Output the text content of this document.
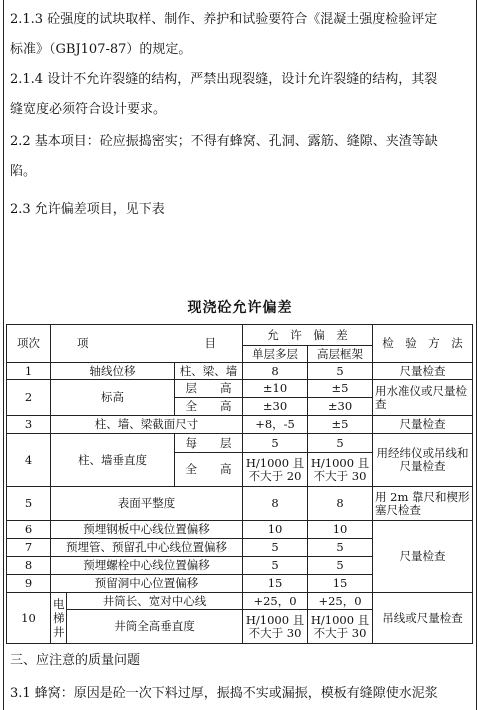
2.1.3 砼强度的试块取样、制作、养护和试验要符合《混凝土强度检验评定
标准》（GBJ107-87）的规定。
2.1.4 设计不允许裂缝的结构，严禁出现裂缝，设计允许裂缝的结构，其裂
缝宽度必须符合设计要求。
2.2 基本项目：砼应振捣密实；不得有蜂窝、孔洞、露筋、缝隙、夹渣等缺
陷。
2.3 允许偏差项目，见下表
现浇砼允许偏差
项次	项 目			允　许　偏　差		检　验　方　法
				单层多层	高层框架	
1	轴线位移		柱、梁、墙	8	5	尺量检查
2	标高		层　　高	±10	±5	用水准仪或尺量检查
			全　　高	±30	±30	
3	柱、墙、梁截面尺寸			+8，-5	±5	尺量检查
4	柱、墙垂直度		每　　层	5	5	用经纬仪或吊线和尺量检查
			全　　高	H/1000 且不大于 20	H/1000 且不大于 30	
5	表面平整度			8	8	用 2m 靠尺和楔形塞尺检查
6	预埋钢板中心线位置偏移			10	10	尺量检查
7	预埋管、预留孔中心线位置偏移			5	5	
8	预埋螺栓中心线位置偏移			5	5	
9	预留洞中心位置偏移			15	15	
10	电梯井	井筒长、宽对中心线		+25，0	+25，0	吊线或尺量检查
		井筒全高垂直度		H/1000 且不大于 30	H/1000 且不大于 30	
三、应注意的质量问题
3.1 蜂窝：原因是砼一次下料过厚，振捣不实或漏振，模板有缝隙使水泥浆
